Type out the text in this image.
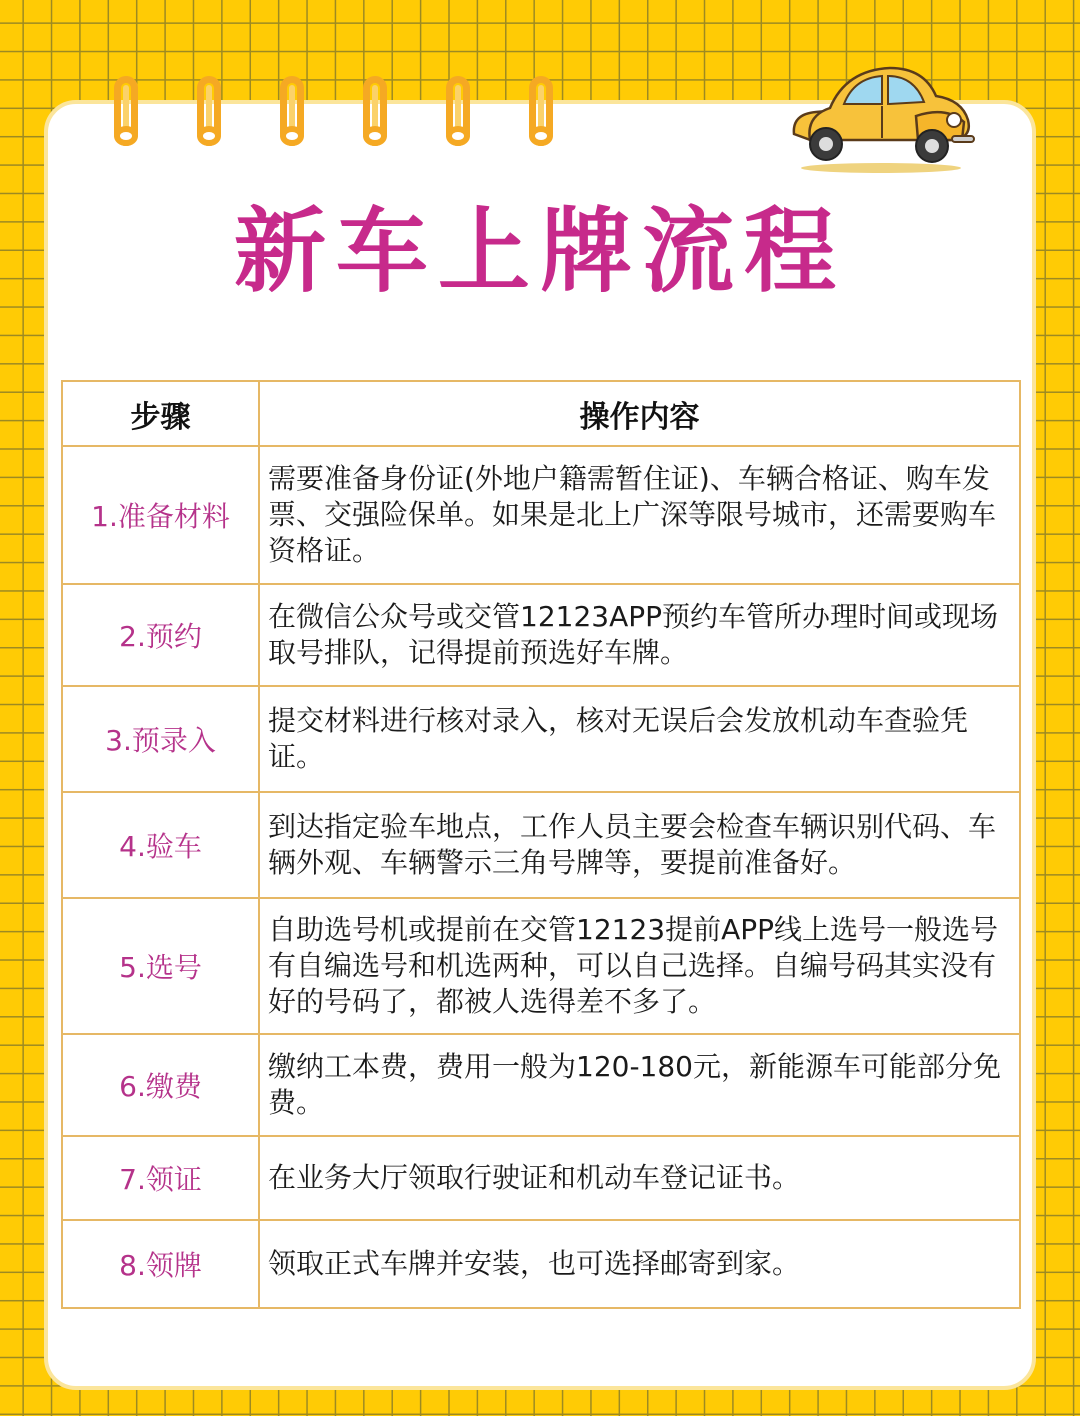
新车上牌流程
步骤	操作内容
1.准备材料	需要准备身份证(外地户籍需暂住证)、车辆合格证、购车发票、交强险保单。如果是北上广深等限号城市，还需要购车资格证。
2.预约	在微信公众号或交管12123APP预约车管所办理时间或现场取号排队，记得提前预选好车牌。
3.预录入	提交材料进行核对录入，核对无误后会发放机动车查验凭证。
4.验车	到达指定验车地点，工作人员主要会检查车辆识别代码、车辆外观、车辆警示三角号牌等，要提前准备好。
5.选号	自助选号机或提前在交管12123提前APP线上选号一般选号有自编选号和机选两种，可以自己选择。自编号码其实没有好的号码了，都被人选得差不多了。
6.缴费	缴纳工本费，费用一般为120-180元，新能源车可能部分免费。
7.领证	在业务大厅领取行驶证和机动车登记证书。
8.领牌	领取正式车牌并安装，也可选择邮寄到家。
